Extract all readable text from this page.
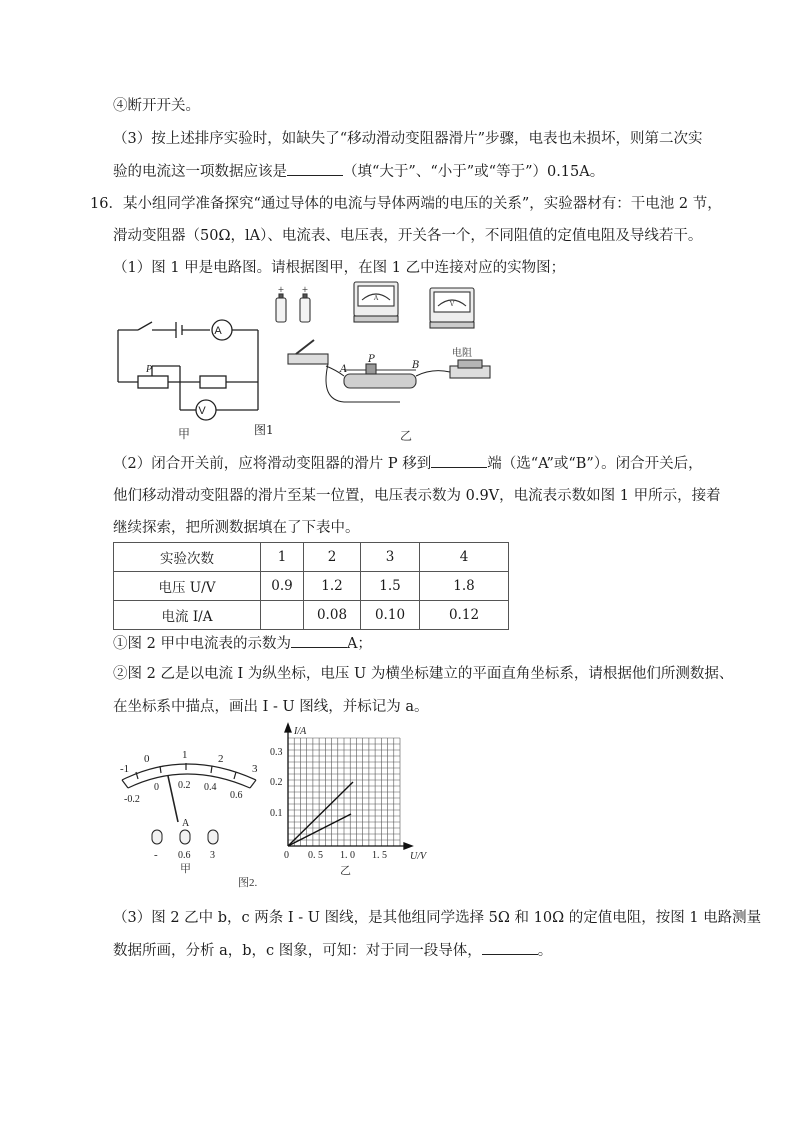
④断开开关。
（3）按上述排序实验时，如缺失了“移动滑动变阻器滑片”步骤，电表也未损坏，则第二次实
验的电流这一项数据应该是	（填“大于”、“小于”或“等于”）0.15A。
16．某小组同学准备探究“通过导体的电流与导体两端的电压的关系”，实验器材有：干电池 2 节，
滑动变阻器（50Ω，lA）、电流表、电压表，开关各一个，不同阻值的定值电阻及导线若干。
（1）图 1 甲是电路图。请根据图甲，在图 1 乙中连接对应的实物图；
A
V
P
甲	图1
+ +
A
V
A
P
B
电阻
乙
（2）闭合开关前，应将滑动变阻器的滑片 P 移到	端（选“A”或“B”）。闭合开关后，
他们移动滑动变阻器的滑片至某一位置，电压表示数为 0.9V，电流表示数如图 1 甲所示，接着
继续探索，把所测数据填在了下表中。
实验次数	1	2	3	4
电压 U/V	0.9	1.2	1.5	1.8
电流 I/A		0.08	0.10	0.12
①图 2 甲中电流表的示数为	A；
②图 2 乙是以电流 I 为纵坐标，电压 U 为横坐标建立的平面直角坐标系，请根据他们所测数据、
在坐标系中描点，画出 I - U 图线，并标记为 a。
-1
0	1	2
3
-0.2
0 0.2 0.4
0.6
A
- 0.6 3
甲
图2.
I/A
U/V
0.3
0.2
0.1
0 0. 5 1. 0 1. 5
乙
（3）图 2 乙中 b，c 两条 I - U 图线，是其他组同学选择 5Ω 和 10Ω 的定值电阻，按图 1 电路测量
数据所画，分析 a，b，c 图象，可知：对于同一段导体，	。
